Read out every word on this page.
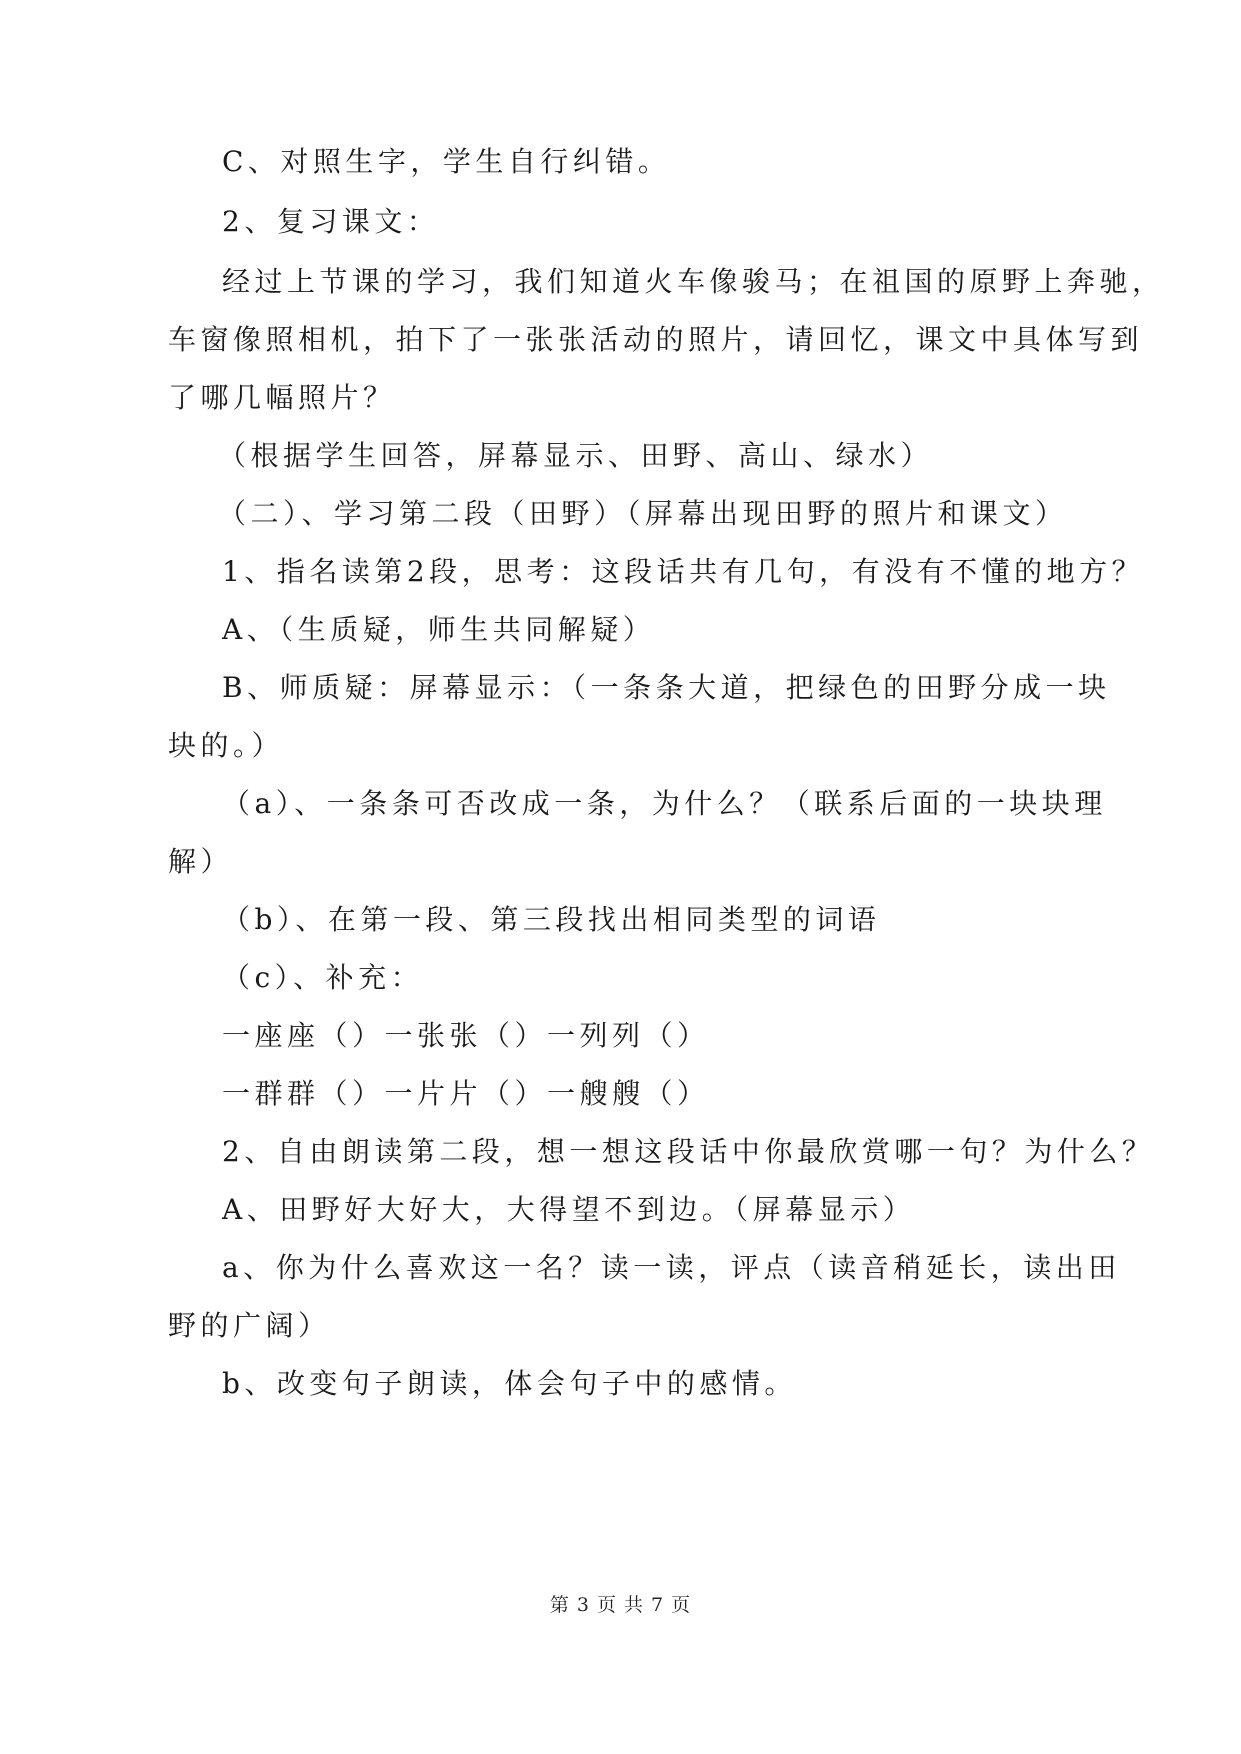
C、对照生字，学生自行纠错。
2、复习课文：
经过上节课的学习，我们知道火车像骏马；在祖国的原野上奔驰，
车窗像照相机，拍下了一张张活动的照片，请回忆，课文中具体写到
了哪几幅照片？
（根据学生回答，屏幕显示、田野、高山、绿水）
（二）、学习第二段（田野）（屏幕出现田野的照片和课文）
1、指名读第2段，思考：这段话共有几句，有没有不懂的地方？
A、（生质疑，师生共同解疑）
B、师质疑：屏幕显示：（一条条大道，把绿色的田野分成一块
块的。）
（a）、一条条可否改成一条，为什么？（联系后面的一块块理
解）
（b）、在第一段、第三段找出相同类型的词语
（c）、补充：
一座座（）一张张（）一列列（）
一群群（）一片片（）一艘艘（）
2、自由朗读第二段，想一想这段话中你最欣赏哪一句？为什么？
A、田野好大好大，大得望不到边。（屏幕显示）
a、你为什么喜欢这一名？读一读，评点（读音稍延长，读出田
野的广阔）
b、改变句子朗读，体会句子中的感情。
第 3 页 共 7 页
